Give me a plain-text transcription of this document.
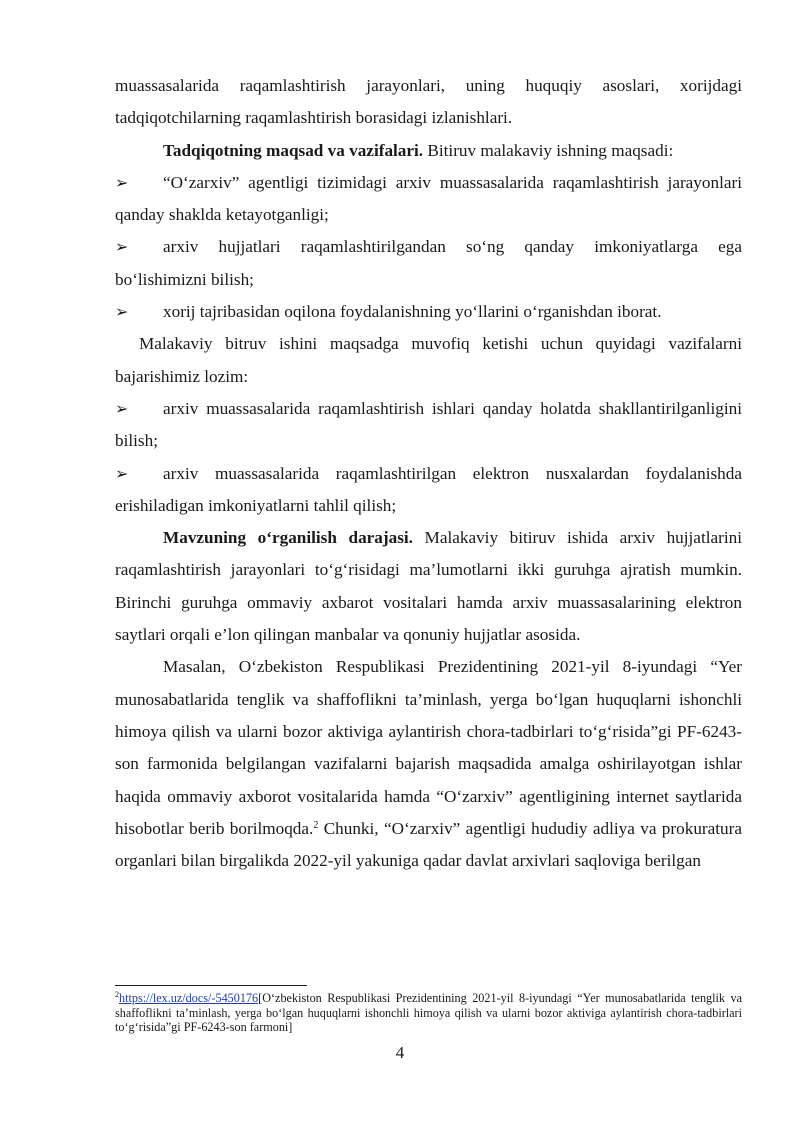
muassasalarida raqamlashtirish jarayonlari, uning huquqiy asoslari, xorijdagi tadqiqotchilarning raqamlashtirish borasidagi izlanishlari.

Tadqiqotning maqsad va vazifalari. Bitiruv malakaviy ishning maqsadi:

➢ “O‘zarxiv” agentligi tizimidagi arxiv muassasalarida raqamlashtirish jarayonlari qanday shaklda ketayotganligi;

➢ arxiv hujjatlari raqamlashtirilgandan so‘ng qanday imkoniyatlarga ega bo‘lishimizni bilish;

➢ xorij tajribasidan oqilona foydalanishning yo‘llarini o‘rganishdan iborat.

Malakaviy bitruv ishini maqsadga muvofiq ketishi uchun quyidagi vazifalarni bajarishimiz lozim:

➢ arxiv muassasalarida raqamlashtirish ishlari qanday holatda shakllantirilganligini bilish;

➢ arxiv muassasalarida raqamlashtirilgan elektron nusxalardan foydalanishda erishiladigan imkoniyatlarni tahlil qilish;

Mavzuning o‘rganilish darajasi. Malakaviy bitiruv ishida arxiv hujjatlarini raqamlashtirish jarayonlari to‘g‘risidagi ma’lumotlarni ikki guruhga ajratish mumkin. Birinchi guruhga ommaviy axbarot vositalari hamda arxiv muassasalarining elektron saytlari orqali e’lon qilingan manbalar va qonuniy hujjatlar asosida.

Masalan, O‘zbekiston Respublikasi Prezidentining 2021-yil 8-iyundagi “Yer munosabatlarida tenglik va shaffoflikni ta’minlash, yerga bo‘lgan huquqlarni ishonchli himoya qilish va ularni bozor aktiviga aylantirish chora-tadbirlari to‘g‘risida”gi PF-6243-son farmonida belgilangan vazifalarni bajarish maqsadida amalga oshirilayotgan ishlar haqida ommaviy axborot vositalarida hamda “O‘zarxiv” agentligining internet saytlarida hisobotlar berib borilmoqda.$^2$ Chunki, “O‘zarxiv” agentligi hududiy adliya va prokuratura organlari bilan birgalikda 2022-yil yakuniga qadar davlat arxivlari saqloviga berilgan

$^2$https://lex.uz/docs/-5450176[O‘zbekiston Respublikasi Prezidentining 2021-yil 8-iyundagi “Yer munosabatlarida tenglik va shaffoflikni ta’minlash, yerga bo‘lgan huquqlarni ishonchli himoya qilish va ularni bozor aktiviga aylantirish chora-tadbirlari to‘g‘risida”gi PF-6243-son farmoni]
4
